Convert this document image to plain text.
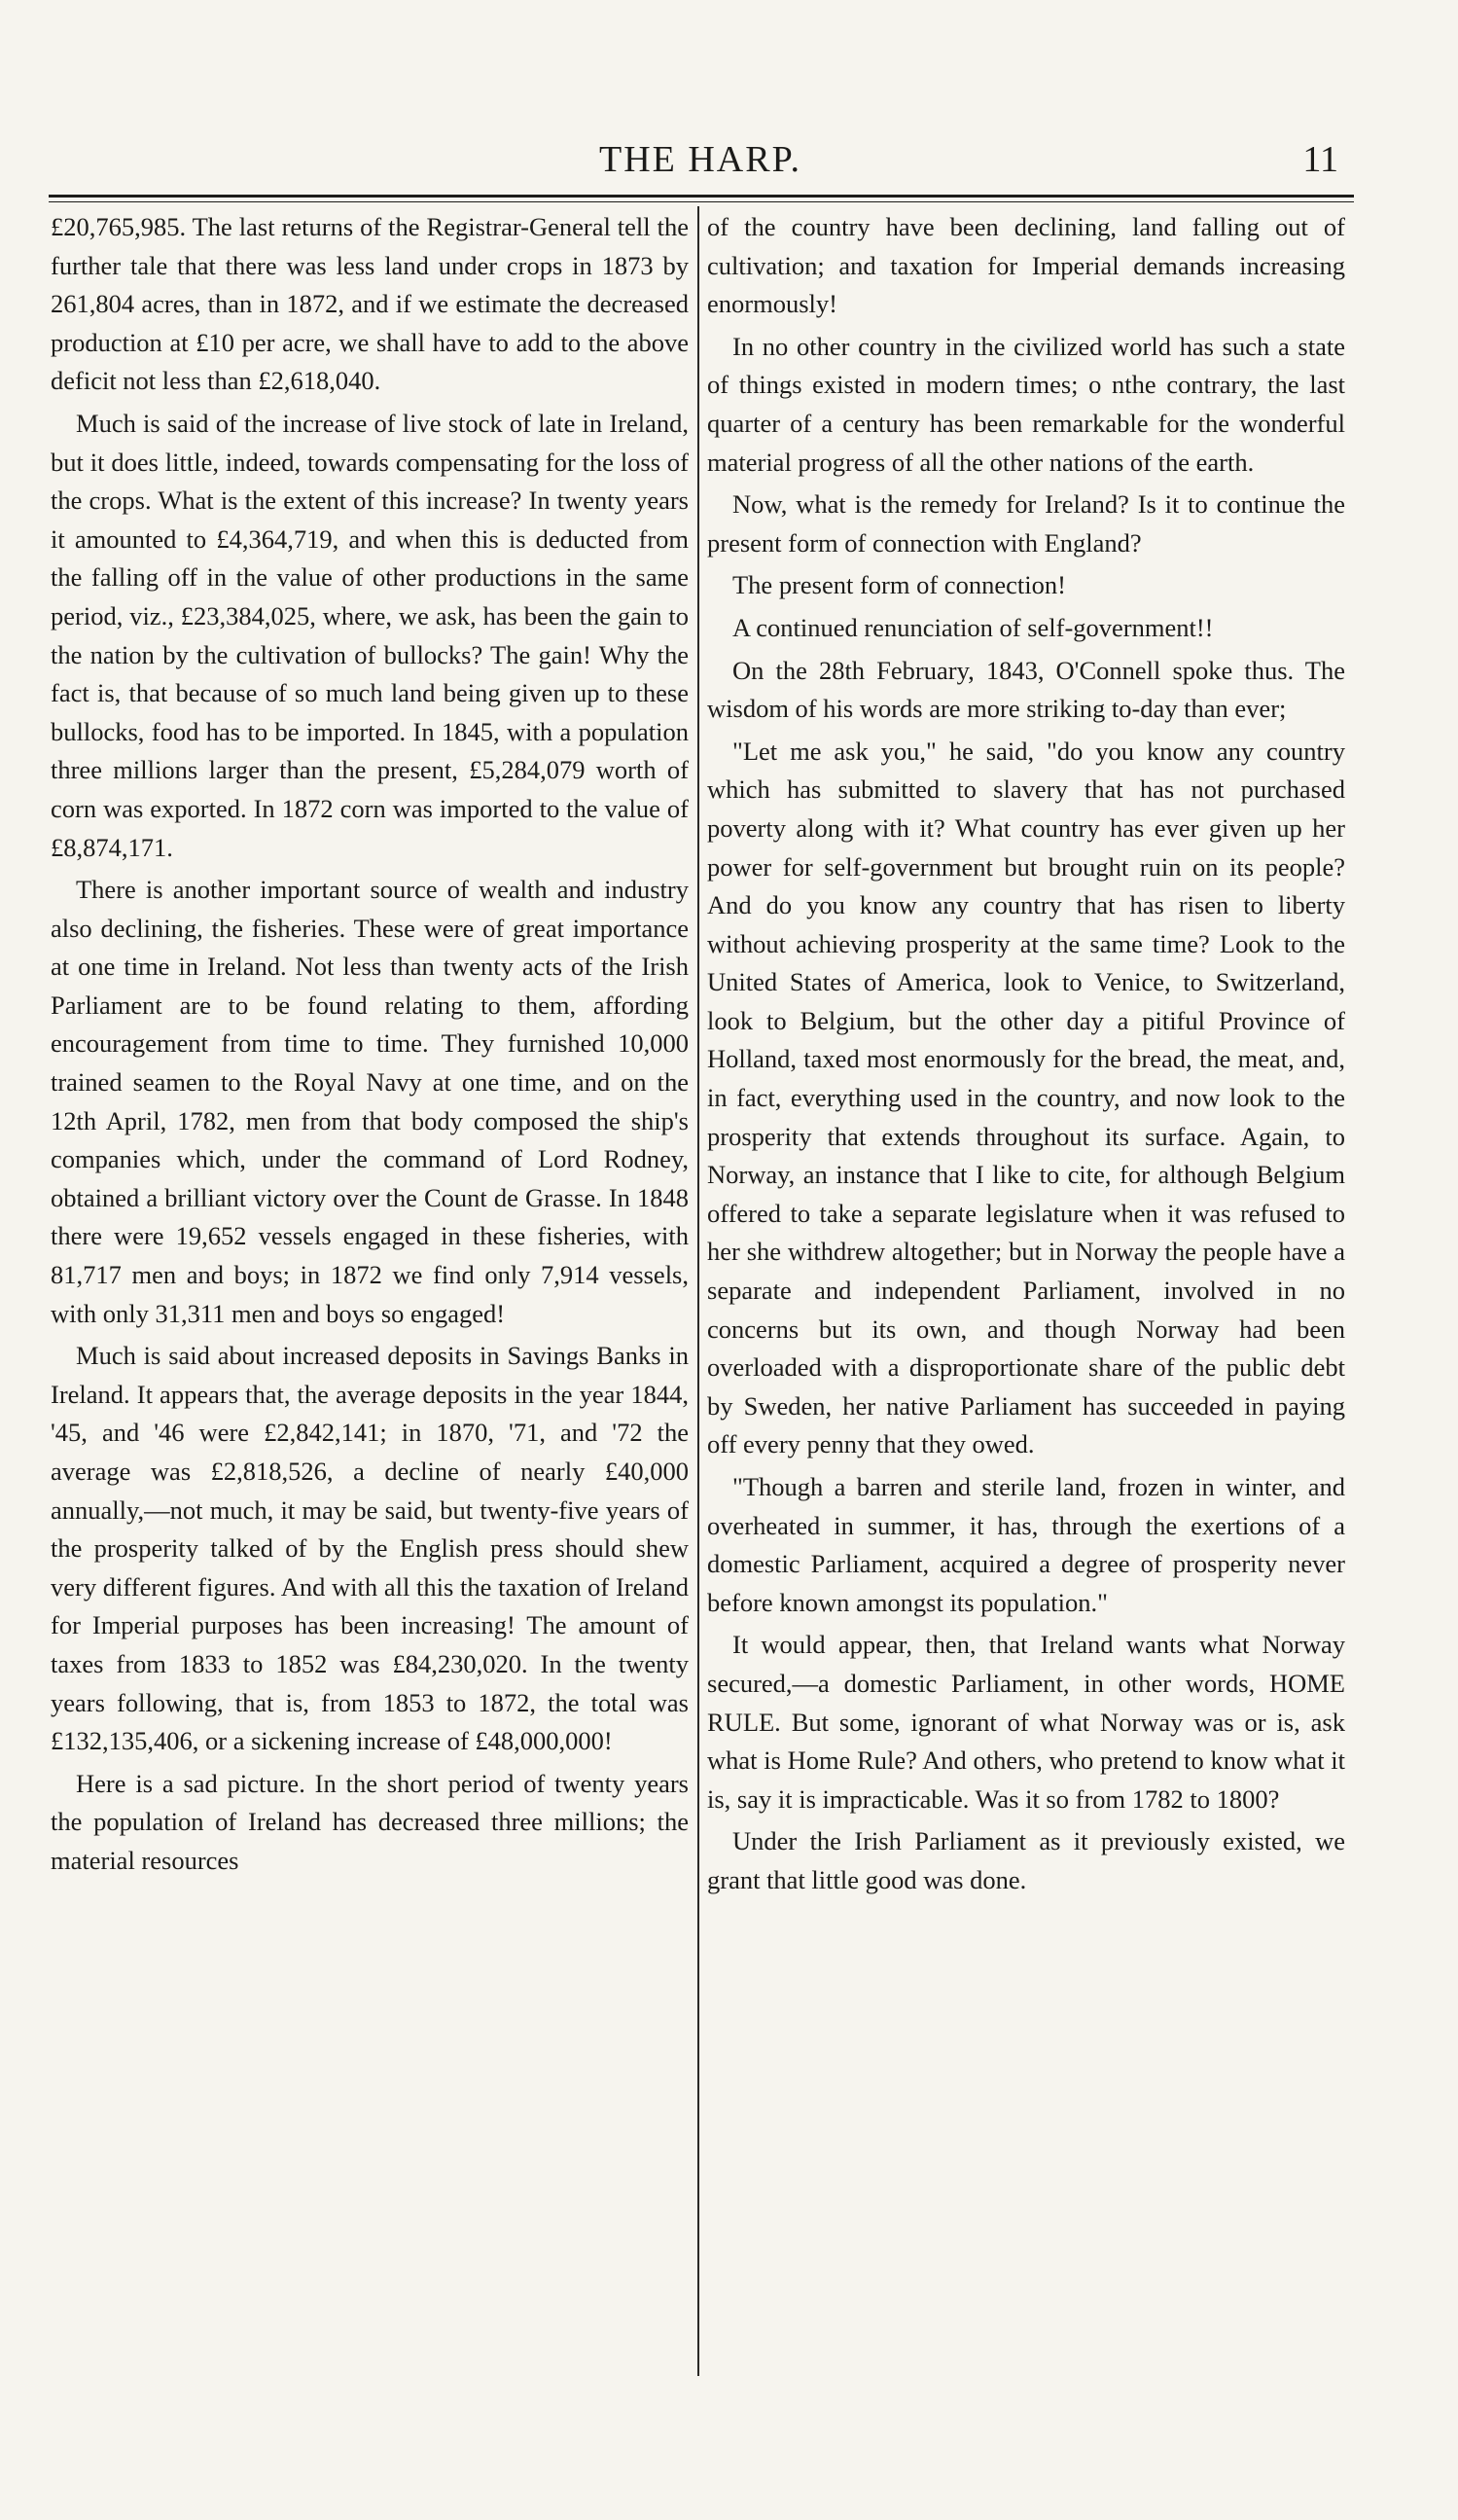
THE HARP.	11

£20,765,985. The last returns of the Registrar-General tell the further tale that there was less land under crops in 1873 by 261,804 acres, than in 1872, and if we estimate the decreased production at £10 per acre, we shall have to add to the above deficit not less than £2,618,040.

Much is said of the increase of live stock of late in Ireland, but it does little, indeed, towards compensating for the loss of the crops. What is the extent of this increase? In twenty years it amounted to £4,364,719, and when this is deducted from the falling off in the value of other productions in the same period, viz., £23,384,025, where, we ask, has been the gain to the nation by the cultivation of bullocks? The gain! Why the fact is, that because of so much land being given up to these bullocks, food has to be imported. In 1845, with a population three millions larger than the present, £5,284,079 worth of corn was exported. In 1872 corn was imported to the value of £8,874,171.

There is another important source of wealth and industry also declining, the fisheries. These were of great importance at one time in Ireland. Not less than twenty acts of the Irish Parliament are to be found relating to them, affording encouragement from time to time. They furnished 10,000 trained seamen to the Royal Navy at one time, and on the 12th April, 1782, men from that body composed the ship's companies which, under the command of Lord Rodney, obtained a brilliant victory over the Count de Grasse. In 1848 there were 19,652 vessels engaged in these fisheries, with 81,717 men and boys; in 1872 we find only 7,914 vessels, with only 31,311 men and boys so engaged!

Much is said about increased deposits in Savings Banks in Ireland. It appears that, the average deposits in the year 1844, '45, and '46 were £2,842,141; in 1870, '71, and '72 the average was £2,818,526, a decline of nearly £40,000 annually,—not much, it may be said, but twenty-five years of the prosperity talked of by the English press should shew very different figures. And with all this the taxation of Ireland for Imperial purposes has been increasing! The amount of taxes from 1833 to 1852 was £84,230,020. In the twenty years following, that is, from 1853 to 1872, the total was £132,135,406, or a sickening increase of £48,000,000!

Here is a sad picture. In the short period of twenty years the population of Ireland has decreased three millions; the material resources

of the country have been declining, land falling out of cultivation; and taxation for Imperial demands increasing enormously!

In no other country in the civilized world has such a state of things existed in modern times; o nthe contrary, the last quarter of a century has been remarkable for the wonderful material progress of all the other nations of the earth.

Now, what is the remedy for Ireland? Is it to continue the present form of connection with England?

The present form of connection!

A continued renunciation of self-government!!

On the 28th February, 1843, O'Connell spoke thus. The wisdom of his words are more striking to-day than ever;

"Let me ask you," he said, "do you know any country which has submitted to slavery that has not purchased poverty along with it? What country has ever given up her power for self-government but brought ruin on its people? And do you know any country that has risen to liberty without achieving prosperity at the same time? Look to the United States of America, look to Venice, to Switzerland, look to Belgium, but the other day a pitiful Province of Holland, taxed most enormously for the bread, the meat, and, in fact, everything used in the country, and now look to the prosperity that extends throughout its surface. Again, to Norway, an instance that I like to cite, for although Belgium offered to take a separate legislature when it was refused to her she withdrew altogether; but in Norway the people have a separate and independent Parliament, involved in no concerns but its own, and though Norway had been overloaded with a disproportionate share of the public debt by Sweden, her native Parliament has succeeded in paying off every penny that they owed.

"Though a barren and sterile land, frozen in winter, and overheated in summer, it has, through the exertions of a domestic Parliament, acquired a degree of prosperity never before known amongst its population."

It would appear, then, that Ireland wants what Norway secured,—a domestic Parliament, in other words, HOME RULE. But some, ignorant of what Norway was or is, ask what is Home Rule? And others, who pretend to know what it is, say it is impracticable. Was it so from 1782 to 1800?

Under the Irish Parliament as it previously existed, we grant that little good was done.
